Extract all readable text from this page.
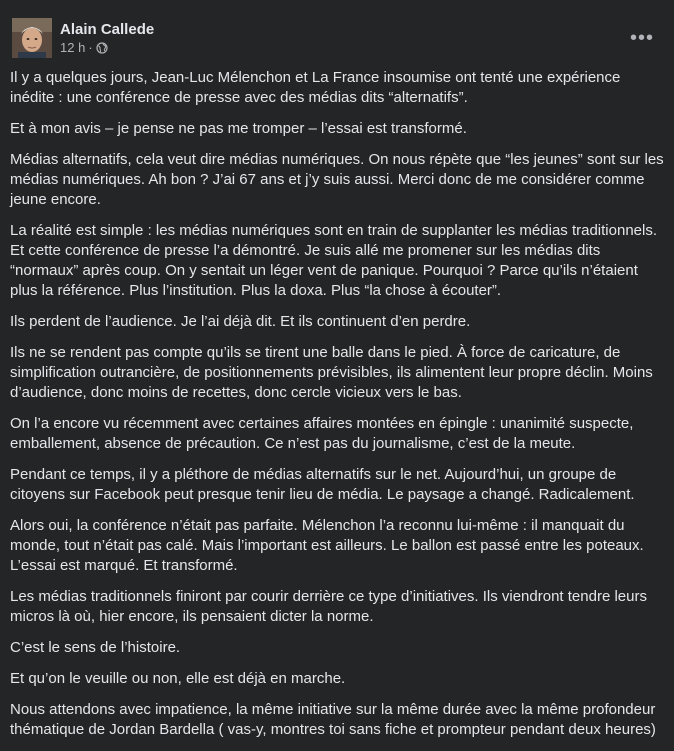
Alain Callede
12 h ·	•••

Il y a quelques jours, Jean-Luc Mélenchon et La France insoumise ont tenté une expérience inédite : une conférence de presse avec des médias dits “alternatifs”.

Et à mon avis – je pense ne pas me tromper – l’essai est transformé.

Médias alternatifs, cela veut dire médias numériques. On nous répète que “les jeunes” sont sur les médias numériques. Ah bon ? J’ai 67 ans et j’y suis aussi. Merci donc de me considérer comme jeune encore.

La réalité est simple : les médias numériques sont en train de supplanter les médias traditionnels. Et cette conférence de presse l’a démontré. Je suis allé me promener sur les médias dits “normaux” après coup. On y sentait un léger vent de panique. Pourquoi ? Parce qu’ils n’étaient plus la référence. Plus l’institution. Plus la doxa. Plus “la chose à écouter”.

Ils perdent de l’audience. Je l’ai déjà dit. Et ils continuent d’en perdre.

Ils ne se rendent pas compte qu’ils se tirent une balle dans le pied. À force de caricature, de simplification outrancière, de positionnements prévisibles, ils alimentent leur propre déclin. Moins d’audience, donc moins de recettes, donc cercle vicieux vers le bas.

On l’a encore vu récemment avec certaines affaires montées en épingle : unanimité suspecte, emballement, absence de précaution. Ce n’est pas du journalisme, c’est de la meute.

Pendant ce temps, il y a pléthore de médias alternatifs sur le net. Aujourd’hui, un groupe de citoyens sur Facebook peut presque tenir lieu de média. Le paysage a changé. Radicalement.

Alors oui, la conférence n’était pas parfaite. Mélenchon l’a reconnu lui-même : il manquait du monde, tout n’était pas calé. Mais l’important est ailleurs. Le ballon est passé entre les poteaux. L’essai est marqué. Et transformé.

Les médias traditionnels finiront par courir derrière ce type d’initiatives. Ils viendront tendre leurs micros là où, hier encore, ils pensaient dicter la norme.

C’est le sens de l’histoire.

Et qu’on le veuille ou non, elle est déjà en marche.

Nous attendons avec impatience, la même initiative sur la même durée avec la même profondeur thématique de Jordan Bardella ( vas-y, montres toi sans fiche et prompteur pendant deux heures)
